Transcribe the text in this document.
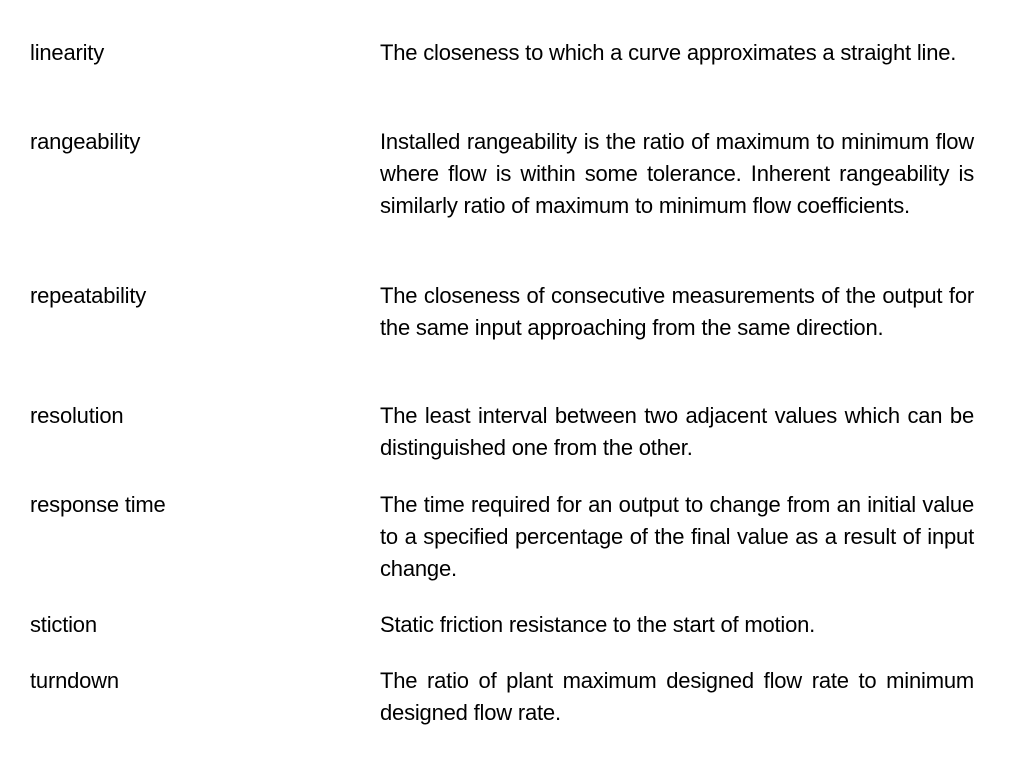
linearity	The closeness to which a curve approximates a straight line.
rangeability	Installed rangeability is the ratio of maximum to minimum flow where flow is within some tolerance. Inherent rangeability is similarly ratio of maximum to minimum flow coefficients.
repeatability	The closeness of consecutive measurements of the output for the same input approaching from the same direction.
resolution	The least interval between two adjacent values which can be distinguished one from the other.
response time	The time required for an output to change from an initial value to a specified percentage of the final value as a result of input change.
stiction	Static friction resistance to the start of motion.
turndown	The ratio of plant maximum designed flow rate to minimum designed flow rate.
